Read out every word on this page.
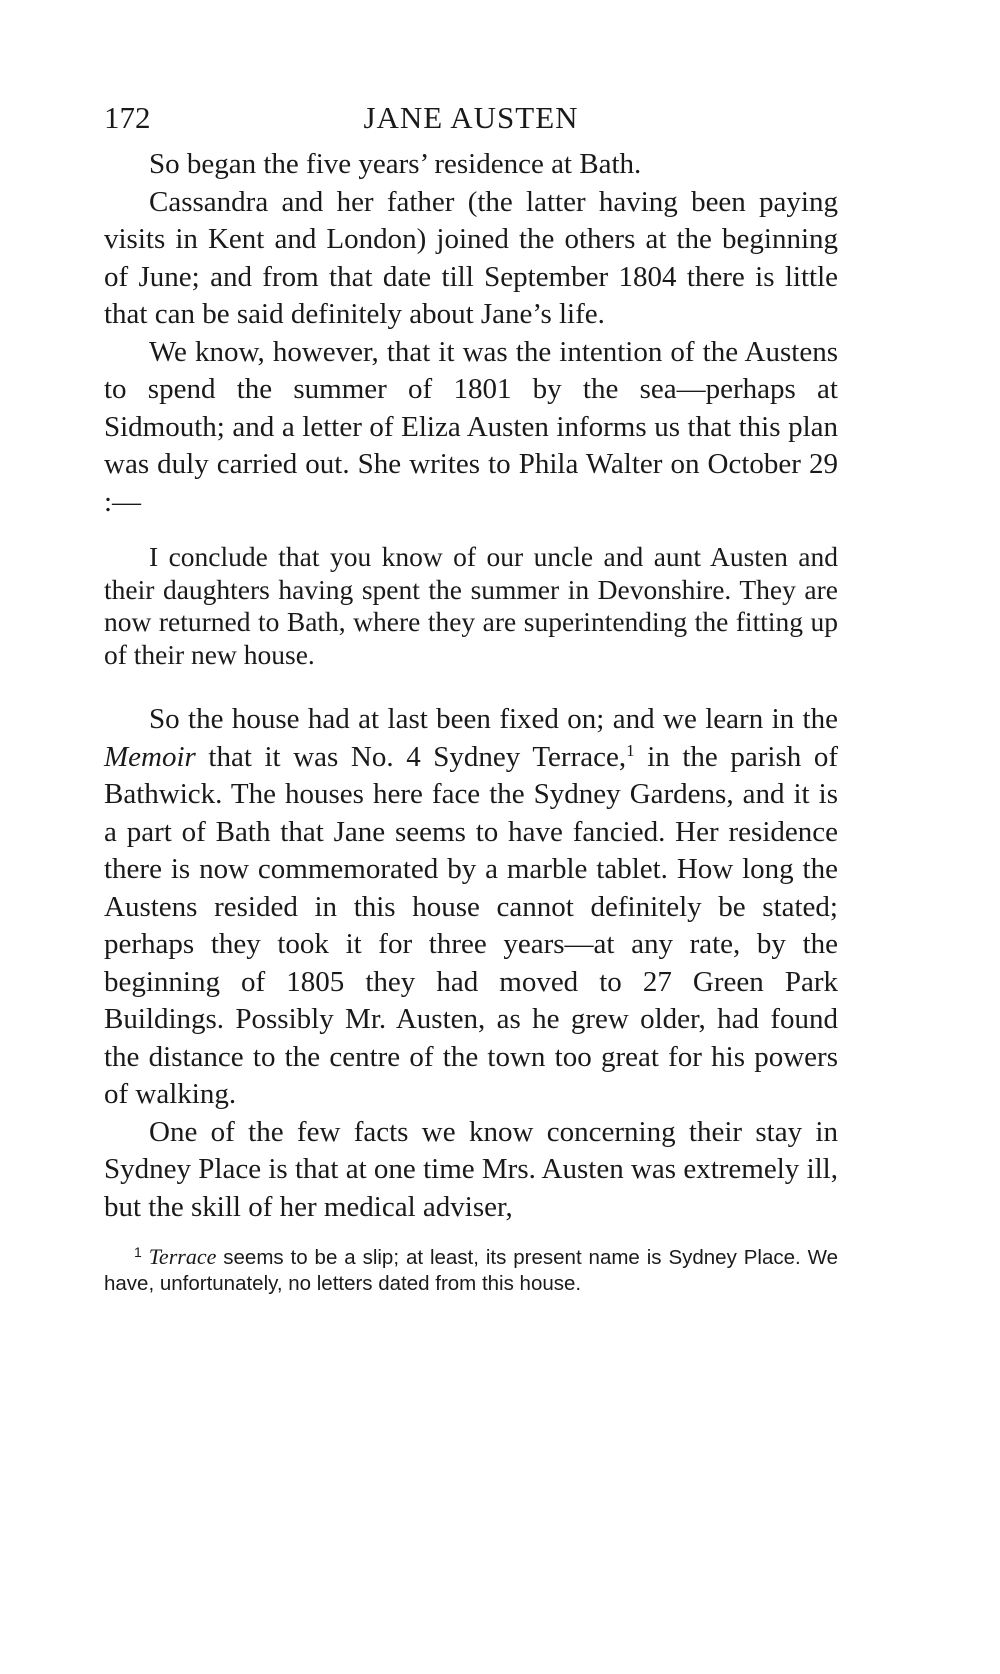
172	JANE AUSTEN

So began the five years’ residence at Bath.

Cassandra and her father (the latter having been paying visits in Kent and London) joined the others at the beginning of June; and from that date till September 1804 there is little that can be said definitely about Jane’s life.

We know, however, that it was the intention of the Austens to spend the summer of 1801 by the sea—perhaps at Sidmouth; and a letter of Eliza Austen informs us that this plan was duly carried out. She writes to Phila Walter on October 29 :—

I conclude that you know of our uncle and aunt Austen and their daughters having spent the summer in Devonshire. They are now returned to Bath, where they are superintending the fitting up of their new house.

So the house had at last been fixed on; and we learn in the Memoir that it was No. 4 Sydney Terrace,$^1$ in the parish of Bathwick. The houses here face the Sydney Gardens, and it is a part of Bath that Jane seems to have fancied. Her residence there is now commemorated by a marble tablet. How long the Austens resided in this house cannot definitely be stated; perhaps they took it for three years—at any rate, by the beginning of 1805 they had moved to 27 Green Park Buildings. Possibly Mr. Austen, as he grew older, had found the distance to the centre of the town too great for his powers of walking.

One of the few facts we know concerning their stay in Sydney Place is that at one time Mrs. Austen was extremely ill, but the skill of her medical adviser,

$^1$ Terrace seems to be a slip; at least, its present name is Sydney Place. We have, unfortunately, no letters dated from this house.
